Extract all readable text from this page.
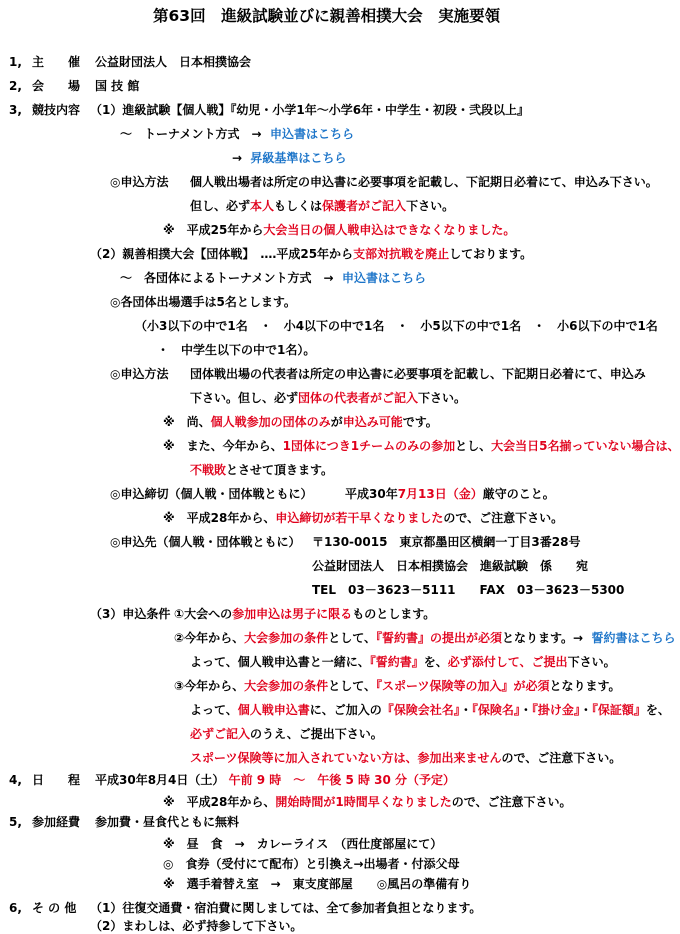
第63回　進級試験並びに親善相撲大会　実施要領
1, 主　　催 公益財団法人　日本相撲協会
2, 会　　場 国 技 館
3, 競技内容 （1）進級試験【個人戦】『幼児・小学1年～小学6年・中学生・初段・弐段以上』
～　トーナメント方式　→ 申込書はこちら
→ 昇級基準はこちら
◎申込方法 個人戦出場者は所定の申込書に必要事項を記載し、下記期日必着にて、申込み下さい。
但し、必ず本人もしくは保護者がご記入下さい。
※　平成25年から大会当日の個人戦申込はできなくなりました。
（2）親善相撲大会【団体戦】　‥‥平成25年から支部対抗戦を廃止しております。
～　各団体によるトーナメント方式　→ 申込書はこちら
◎各団体出場選手は5名とします。
（小3以下の中で1名　・　小4以下の中で1名　・　小5以下の中で1名　・　小6以下の中で1名
・　中学生以下の中で1名）。
◎申込方法 団体戦出場の代表者は所定の申込書に必要事項を記載し、下記期日必着にて、申込み
下さい。但し、必ず団体の代表者がご記入下さい。
※　尚、個人戦参加の団体のみが申込み可能です。
※　また、今年から、1団体につき1チームのみの参加とし、大会当日5名揃っていない場合は、
不戦敗とさせて頂きます。
◎申込締切（個人戦・団体戦ともに）	平成30年7月13日（金）厳守のこと。
※　平成28年から、申込締切が若干早くなりましたので、ご注意下さい。
◎申込先（個人戦・団体戦ともに） 〒130-0015　東京都墨田区横網一丁目3番28号
公益財団法人　日本相撲協会　進級試験　係　　宛
TEL　03－3623－5111　　FAX　03－3623－5300
（3）申込条件 ①大会への参加申込は男子に限るものとします。
②今年から、大会参加の条件として、『誓約書』の提出が必須となります。→ 誓約書はこちら
よって、個人戦申込書と一緒に、『誓約書』を、必ず添付して、ご提出下さい。
③今年から、大会参加の条件として、『スポーツ保険等の加入』が必須となります。
よって、個人戦申込書に、ご加入の『保険会社名』・『保険名』・『掛け金』・『保証額』を、
必ずご記入のうえ、ご提出下さい。
スポーツ保険等に加入されていない方は、参加出来ませんので、ご注意下さい。
4, 日　　程 平成30年8月4日（土） 午前 9 時　～　午後 5 時 30 分（予定）
※　平成28年から、開始時間が1時間早くなりましたので、ご注意下さい。
5, 参加経費 参加費・昼食代ともに無料
※　昼　食　→　カレーライス　（西仕度部屋にて）
◎　食券（受付にて配布）と引換え→出場者・付添父母
※　選手着替え室　→　東支度部屋　　◎風呂の準備有り
6, そ の 他 （1）往復交通費・宿泊費に関しましては、全て参加者負担となります。
（2）まわしは、必ず持参して下さい。
